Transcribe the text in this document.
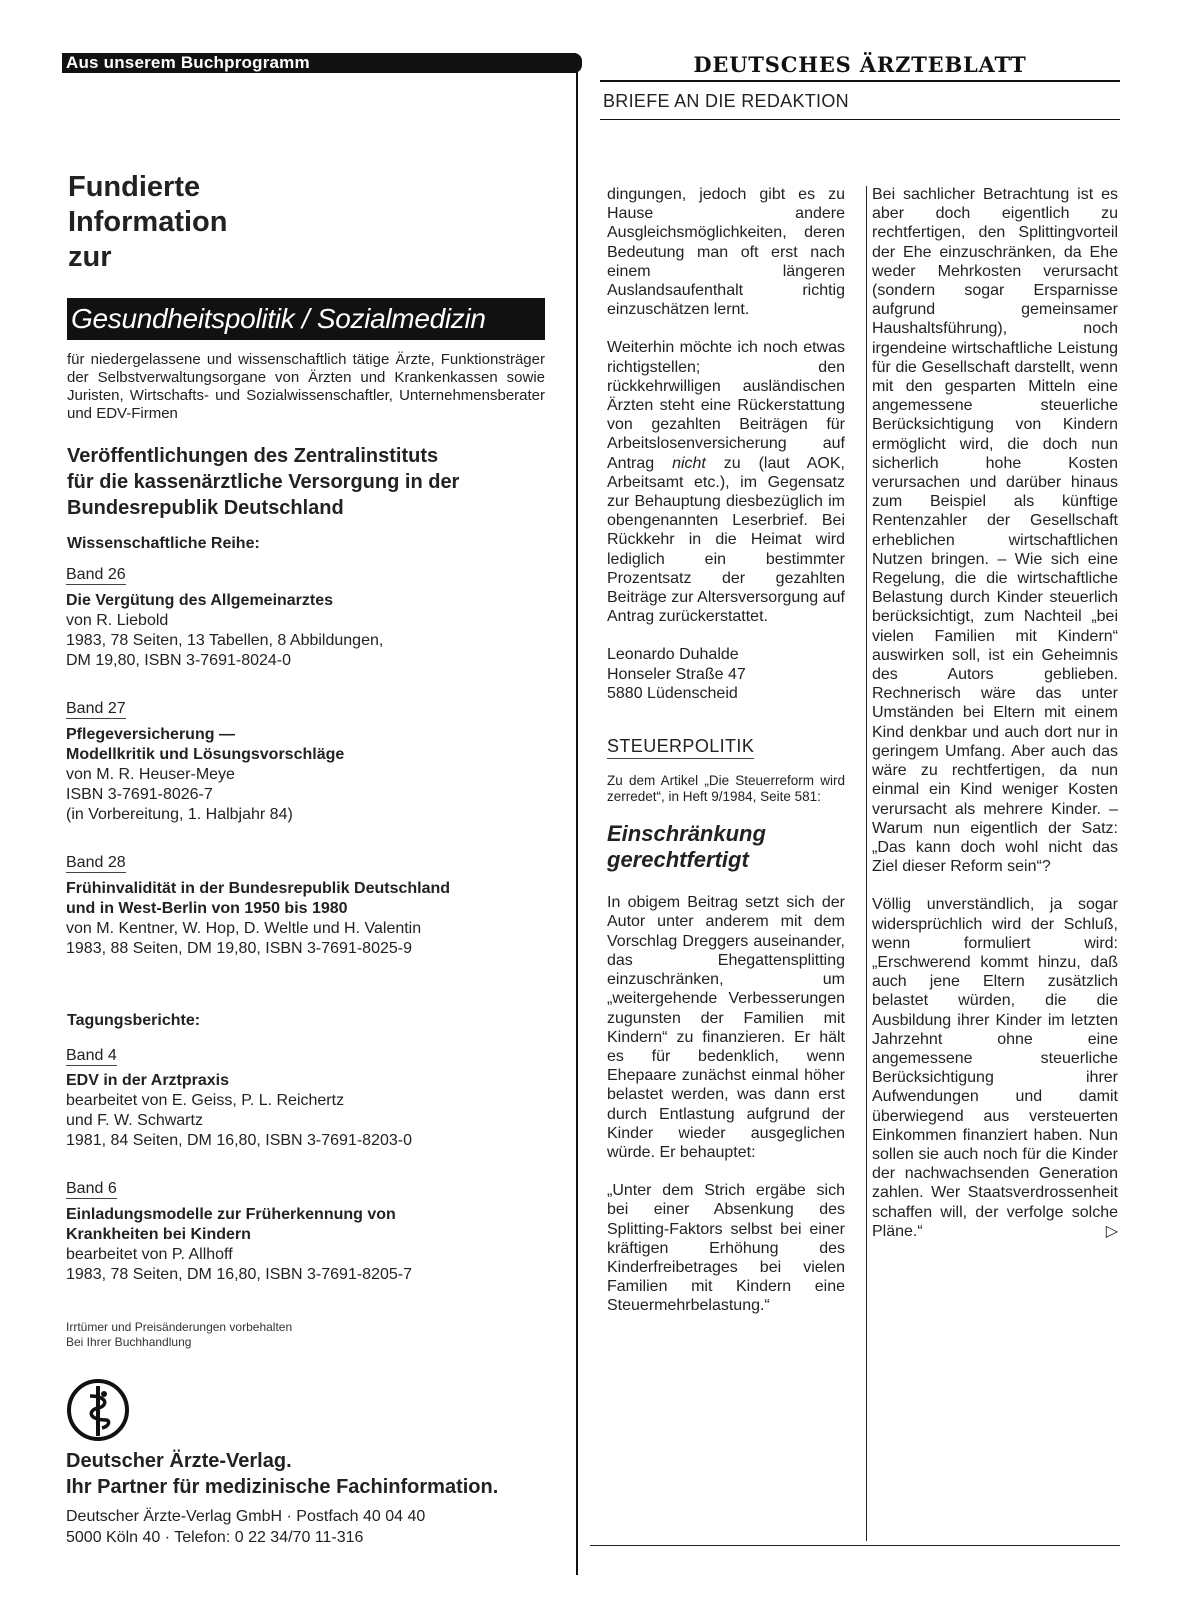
Aus unserem Buchprogramm
Fundierte
Information
zur
Gesundheitspolitik / Sozialmedizin
für niedergelassene und wissenschaftlich tätige Ärzte, Funktionsträger der Selbstverwaltungsorgane von Ärzten und Krankenkassen sowie Juristen, Wirtschafts- und Sozialwissenschaftler, Unternehmensberater und EDV-Firmen
Veröffentlichungen des Zentralinstituts
für die kassenärztliche Versorgung in der
Bundesrepublik Deutschland
Wissenschaftliche Reihe:
Band 26
Die Vergütung des Allgemeinarztes
von R. Liebold
1983, 78 Seiten, 13 Tabellen, 8 Abbildungen,
DM 19,80, ISBN 3-7691-8024-0
Band 27
Pflegeversicherung —
Modellkritik und Lösungsvorschläge
von M. R. Heuser-Meye
ISBN 3-7691-8026-7
(in Vorbereitung, 1. Halbjahr 84)
Band 28
Frühinvalidität in der Bundesrepublik Deutschland
und in West-Berlin von 1950 bis 1980
von M. Kentner, W. Hop, D. Weltle und H. Valentin
1983, 88 Seiten, DM 19,80, ISBN 3-7691-8025-9
Tagungsberichte:
Band 4
EDV in der Arztpraxis
bearbeitet von E. Geiss, P. L. Reichertz
und F. W. Schwartz
1981, 84 Seiten, DM 16,80, ISBN 3-7691-8203-0
Band 6
Einladungsmodelle zur Früherkennung von
Krankheiten bei Kindern
bearbeitet von P. Allhoff
1983, 78 Seiten, DM 16,80, ISBN 3-7691-8205-7
Irrtümer und Preisänderungen vorbehalten
Bei Ihrer Buchhandlung
Deutscher Ärzte-Verlag.
Ihr Partner für medizinische Fachinformation.
Deutscher Ärzte-Verlag GmbH · Postfach 40 04 40
5000 Köln 40 · Telefon: 0 22 34/70 11-316
DEUTSCHES ÄRZTEBLATT
BRIEFE AN DIE REDAKTION

dingungen, jedoch gibt es zu Hause andere Ausgleichsmöglichkeiten, deren Bedeutung man oft erst nach einem längeren Auslandsaufenthalt richtig einzuschätzen lernt.

Weiterhin möchte ich noch etwas richtigstellen; den rückkehrwilligen ausländischen Ärzten steht eine Rückerstattung von gezahlten Beiträgen für Arbeitslosenversicherung auf Antrag nicht zu (laut AOK, Arbeitsamt etc.), im Gegensatz zur Behauptung diesbezüglich im obengenannten Leserbrief. Bei Rückkehr in die Heimat wird lediglich ein bestimmter Prozentsatz der gezahlten Beiträge zur Altersversorgung auf Antrag zurückerstattet.

Leonardo Duhalde
Honseler Straße 47
5880 Lüdenscheid
STEUERPOLITIK

Zu dem Artikel „Die Steuerreform wird zerredet“, in Heft 9/1984, Seite 581:

Einschränkung
gerechtfertigt

In obigem Beitrag setzt sich der Autor unter anderem mit dem Vorschlag Dreggers auseinander, das Ehegattensplitting einzuschränken, um „weitergehende Verbesserungen zugunsten der Familien mit Kindern“ zu finanzieren. Er hält es für bedenklich, wenn Ehepaare zunächst einmal höher belastet werden, was dann erst durch Entlastung aufgrund der Kinder wieder ausgeglichen würde. Er behauptet:

„Unter dem Strich ergäbe sich bei einer Absenkung des Splitting-Faktors selbst bei einer kräftigen Erhöhung des Kinderfreibetrages bei vielen Familien mit Kindern eine Steuermehrbelastung.“

Bei sachlicher Betrachtung ist es aber doch eigentlich zu rechtfertigen, den Splittingvorteil der Ehe einzuschränken, da Ehe weder Mehrkosten verursacht (sondern sogar Ersparnisse aufgrund gemeinsamer Haushaltsführung), noch irgendeine wirtschaftliche Leistung für die Gesellschaft darstellt, wenn mit den gesparten Mitteln eine angemessene steuerliche Berücksichtigung von Kindern ermöglicht wird, die doch nun sicherlich hohe Kosten verursachen und darüber hinaus zum Beispiel als künftige Rentenzahler der Gesellschaft erheblichen wirtschaftlichen Nutzen bringen. – Wie sich eine Regelung, die die wirtschaftliche Belastung durch Kinder steuerlich berücksichtigt, zum Nachteil „bei vielen Familien mit Kindern“ auswirken soll, ist ein Geheimnis des Autors geblieben. Rechnerisch wäre das unter Umständen bei Eltern mit einem Kind denkbar und auch dort nur in geringem Umfang. Aber auch das wäre zu rechtfertigen, da nun einmal ein Kind weniger Kosten verursacht als mehrere Kinder. – Warum nun eigentlich der Satz: „Das kann doch wohl nicht das Ziel dieser Reform sein“?

Völlig unverständlich, ja sogar widersprüchlich wird der Schluß, wenn formuliert wird: „Erschwerend kommt hinzu, daß auch jene Eltern zusätzlich belastet würden, die die Ausbildung ihrer Kinder im letzten Jahrzehnt ohne eine angemessene steuerliche Berücksichtigung ihrer Aufwendungen und damit überwiegend aus versteuerten Einkommen finanziert haben. Nun sollen sie auch noch für die Kinder der nachwachsenden Generation zahlen. Wer Staatsverdrossenheit schaffen will, der verfolge solche Pläne.“	▷
